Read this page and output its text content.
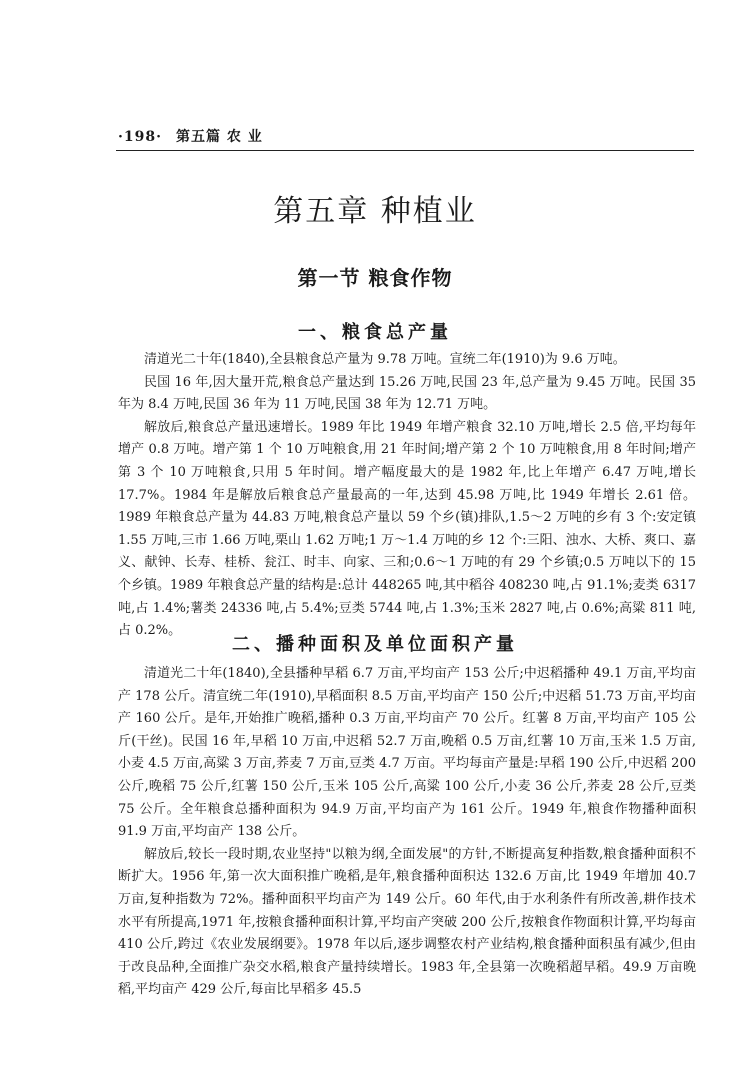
·198· 第五篇 农 业
第五章 种植业
第一节 粮食作物
一、粮食总产量

清道光二十年(1840),全县粮食总产量为 9.78 万吨。宣统二年(1910)为 9.6 万吨。

民国 16 年,因大量开荒,粮食总产量达到 15.26 万吨,民国 23 年,总产量为 9.45 万吨。民国 35 年为 8.4 万吨,民国 36 年为 11 万吨,民国 38 年为 12.71 万吨。

解放后,粮食总产量迅速增长。1989 年比 1949 年增产粮食 32.10 万吨,增长 2.5 倍,平均每年增产 0.8 万吨。增产第 1 个 10 万吨粮食,用 21 年时间;增产第 2 个 10 万吨粮食,用 8 年时间;增产第 3 个 10 万吨粮食,只用 5 年时间。增产幅度最大的是 1982 年,比上年增产 6.47 万吨,增长 17.7%。1984 年是解放后粮食总产量最高的一年,达到 45.98 万吨,比 1949 年增长 2.61 倍。1989 年粮食总产量为 44.83 万吨,粮食总产量以 59 个乡(镇)排队,1.5～2 万吨的乡有 3 个:安定镇 1.55 万吨,三市 1.66 万吨,栗山 1.62 万吨;1 万～1.4 万吨的乡 12 个:三阳、浊水、大桥、爽口、嘉义、献钟、长寿、桂桥、瓮江、时丰、向家、三和;0.6～1 万吨的有 29 个乡镇;0.5 万吨以下的 15 个乡镇。1989 年粮食总产量的结构是:总计 448265 吨,其中稻谷 408230 吨,占 91.1%;麦类 6317 吨,占 1.4%;薯类 24336 吨,占 5.4%;豆类 5744 吨,占 1.3%;玉米 2827 吨,占 0.6%;高粱 811 吨,占 0.2%。

二、播种面积及单位面积产量

清道光二十年(1840),全县播种早稻 6.7 万亩,平均亩产 153 公斤;中迟稻播种 49.1 万亩,平均亩产 178 公斤。清宣统二年(1910),早稻面积 8.5 万亩,平均亩产 150 公斤;中迟稻 51.73 万亩,平均亩产 160 公斤。是年,开始推广晚稻,播种 0.3 万亩,平均亩产 70 公斤。红薯 8 万亩,平均亩产 105 公斤(干丝)。民国 16 年,早稻 10 万亩,中迟稻 52.7 万亩,晚稻 0.5 万亩,红薯 10 万亩,玉米 1.5 万亩,小麦 4.5 万亩,高粱 3 万亩,荞麦 7 万亩,豆类 4.7 万亩。平均每亩产量是:早稻 190 公斤,中迟稻 200 公斤,晚稻 75 公斤,红薯 150 公斤,玉米 105 公斤,高粱 100 公斤,小麦 36 公斤,荞麦 28 公斤,豆类 75 公斤。全年粮食总播种面积为 94.9 万亩,平均亩产为 161 公斤。1949 年,粮食作物播种面积 91.9 万亩,平均亩产 138 公斤。

解放后,较长一段时期,农业坚持"以粮为纲,全面发展"的方针,不断提高复种指数,粮食播种面积不断扩大。1956 年,第一次大面积推广晚稻,是年,粮食播种面积达 132.6 万亩,比 1949 年增加 40.7 万亩,复种指数为 72%。播种面积平均亩产为 149 公斤。60 年代,由于水利条件有所改善,耕作技术水平有所提高,1971 年,按粮食播种面积计算,平均亩产突破 200 公斤,按粮食作物面积计算,平均每亩 410 公斤,跨过《农业发展纲要》。1978 年以后,逐步调整农村产业结构,粮食播种面积虽有减少,但由于改良品种,全面推广杂交水稻,粮食产量持续增长。1983 年,全县第一次晚稻超早稻。49.9 万亩晚稻,平均亩产 429 公斤,每亩比早稻多 45.5
